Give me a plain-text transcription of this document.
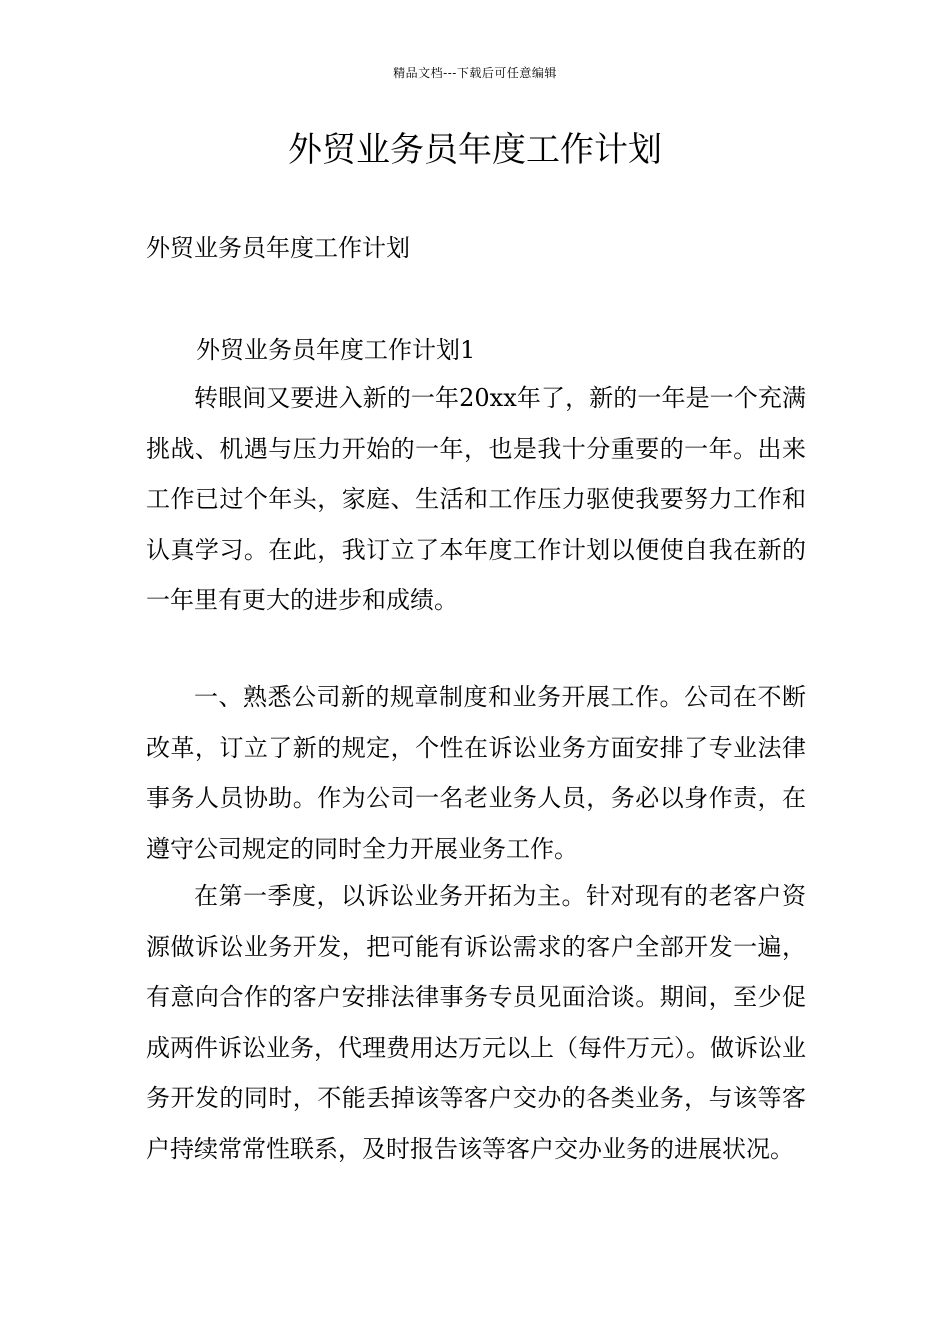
精品文档---下载后可任意编辑
外贸业务员年度工作计划

外贸业务员年度工作计划

外贸业务员年度工作计划1

转眼间又要进入新的一年20xx年了，新的一年是一个充满挑战、机遇与压力开始的一年，也是我十分重要的一年。出来工作已过个年头，家庭、生活和工作压力驱使我要努力工作和认真学习。在此，我订立了本年度工作计划以便使自我在新的一年里有更大的进步和成绩。

一、熟悉公司新的规章制度和业务开展工作。公司在不断改革，订立了新的规定，个性在诉讼业务方面安排了专业法律事务人员协助。作为公司一名老业务人员，务必以身作责，在遵守公司规定的同时全力开展业务工作。

在第一季度，以诉讼业务开拓为主。针对现有的老客户资源做诉讼业务开发，把可能有诉讼需求的客户全部开发一遍，有意向合作的客户安排法律事务专员见面洽谈。期间，至少促成两件诉讼业务，代理费用达万元以上（每件万元）。做诉讼业务开发的同时，不能丢掉该等客户交办的各类业务，与该等客户持续常常性联系，及时报告该等客户交办业务的进展状况。
